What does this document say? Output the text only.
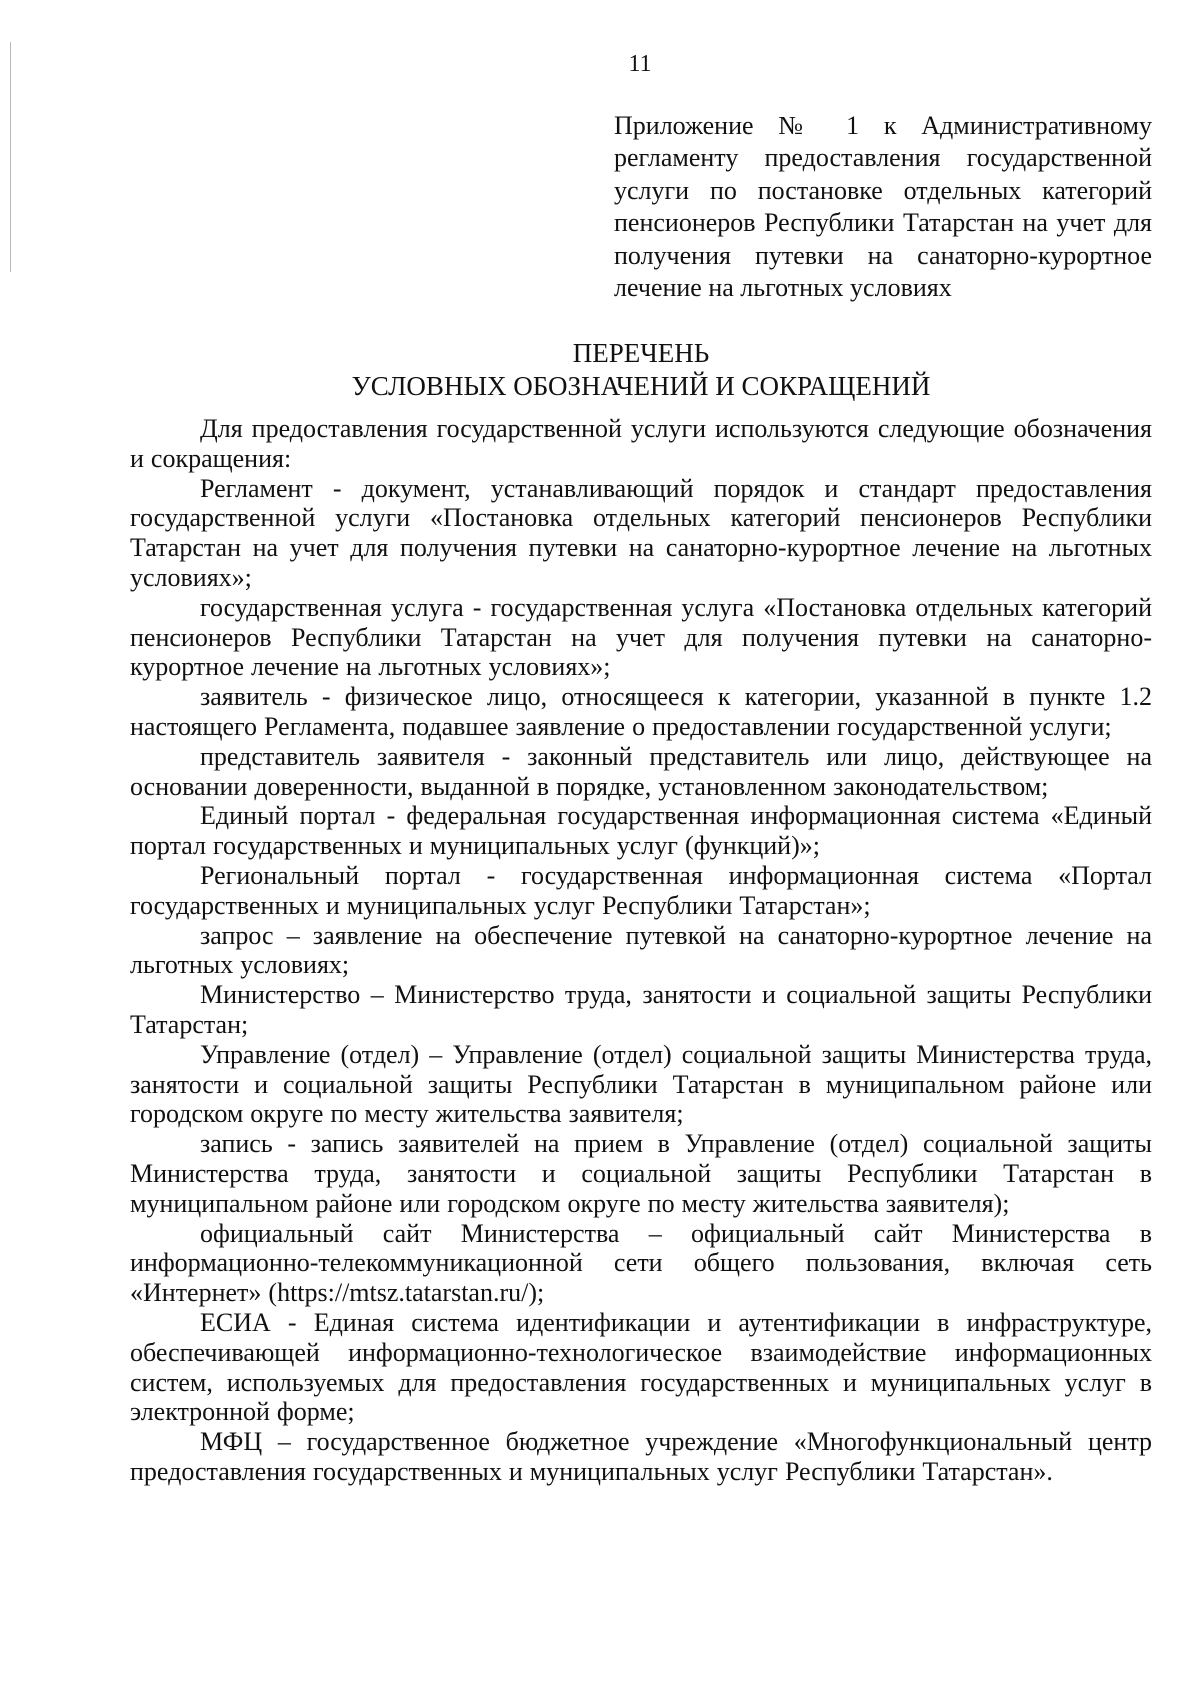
11
Приложение № 1 к Административному регламенту предоставления государственной услуги по постановке отдельных категорий пенсионеров Республики Татарстан на учет для получения путевки на санаторно-курортное лечение на льготных условиях
ПЕРЕЧЕНЬ
УСЛОВНЫХ ОБОЗНАЧЕНИЙ И СОКРАЩЕНИЙ

Для предоставления государственной услуги используются следующие обозначения и сокращения:

Регламент - документ, устанавливающий порядок и стандарт предоставления государственной услуги «Постановка отдельных категорий пенсионеров Республики Татарстан на учет для получения путевки на санаторно-курортное лечение на льготных условиях»;

государственная услуга - государственная услуга «Постановка отдельных категорий пенсионеров Республики Татарстан на учет для получения путевки на санаторно-курортное лечение на льготных условиях»;

заявитель - физическое лицо, относящееся к категории, указанной в пункте 1.2 настоящего Регламента, подавшее заявление о предоставлении государственной услуги;

представитель заявителя - законный представитель или лицо, действующее на основании доверенности, выданной в порядке, установленном законодательством;

Единый портал - федеральная государственная информационная система «Единый портал государственных и муниципальных услуг (функций)»;

Региональный портал - государственная информационная система «Портал государственных и муниципальных услуг Республики Татарстан»;

запрос – заявление на обеспечение путевкой на санаторно-курортное лечение на льготных условиях;

Министерство – Министерство труда, занятости и социальной защиты Республики Татарстан;

Управление (отдел) – Управление (отдел) социальной защиты Министерства труда, занятости и социальной защиты Республики Татарстан в муниципальном районе или городском округе по месту жительства заявителя;

запись - запись заявителей на прием в Управление (отдел) социальной защиты Министерства труда, занятости и социальной защиты Республики Татарстан в муниципальном районе или городском округе по месту жительства заявителя);

официальный сайт Министерства – официальный сайт Министерства в информационно-телекоммуникационной сети общего пользования, включая сеть «Интернет» (https://mtsz.tatarstan.ru/);

ЕСИА - Единая система идентификации и аутентификации в инфраструктуре, обеспечивающей информационно-технологическое взаимодействие информационных систем, используемых для предоставления государственных и муниципальных услуг в электронной форме;

МФЦ – государственное бюджетное учреждение «Многофункциональный центр предоставления государственных и муниципальных услуг Республики Татарстан».
